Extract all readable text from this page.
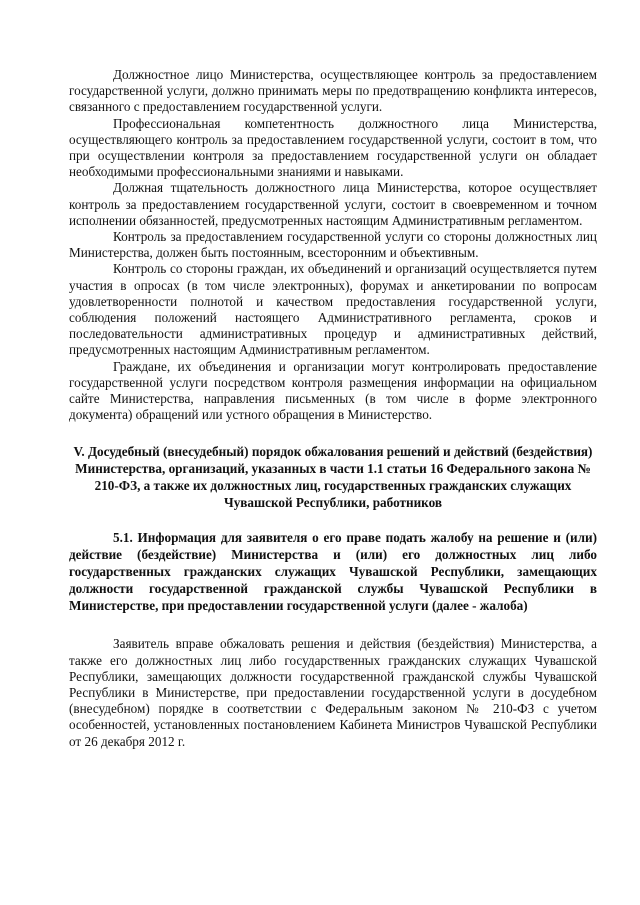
Должностное лицо Министерства, осуществляющее контроль за предоставлением государственной услуги, должно принимать меры по предотвращению конфликта интересов, связанного с предоставлением государственной услуги.

Профессиональная компетентность должностного лица Министерства, осуществляющего контроль за предоставлением государственной услуги, состоит в том, что при осуществлении контроля за предоставлением государственной услуги он обладает необходимыми профессиональными знаниями и навыками.

Должная тщательность должностного лица Министерства, которое осуществляет контроль за предоставлением государственной услуги, состоит в своевременном и точном исполнении обязанностей, предусмотренных настоящим Административным регламентом.

Контроль за предоставлением государственной услуги со стороны должностных лиц Министерства, должен быть постоянным, всесторонним и объективным.

Контроль со стороны граждан, их объединений и организаций осуществляется путем участия в опросах (в том числе электронных), форумах и анкетировании по вопросам удовлетворенности полнотой и качеством предоставления государственной услуги, соблюдения положений настоящего Административного регламента, сроков и последовательности административных процедур и административных действий, предусмотренных настоящим Административным регламентом.

Граждане, их объединения и организации могут контролировать предоставление государственной услуги посредством контроля размещения информации на официальном сайте Министерства, направления письменных (в том числе в форме электронного документа) обращений или устного обращения в Министерство.

V. Досудебный (внесудебный) порядок обжалования решений и действий (бездействия) Министерства, организаций, указанных в части 1.1 статьи 16 Федерального закона № 210-ФЗ, а также их должностных лиц, государственных гражданских служащих Чувашской Республики, работников

5.1. Информация для заявителя о его праве подать жалобу на решение и (или) действие (бездействие) Министерства и (или) его должностных лиц либо государственных гражданских служащих Чувашской Республики, замещающих должности государственной гражданской службы Чувашской Республики в Министерстве, при предоставлении государственной услуги (далее - жалоба)

Заявитель вправе обжаловать решения и действия (бездействия) Министерства, а также его должностных лиц либо государственных гражданских служащих Чувашской Республики, замещающих должности государственной гражданской службы Чувашской Республики в Министерстве, при предоставлении государственной услуги в досудебном (внесудебном) порядке в соответствии с Федеральным законом № 210-ФЗ с учетом особенностей, установленных постановлением Кабинета Министров Чувашской Республики от 26 декабря 2012 г.
